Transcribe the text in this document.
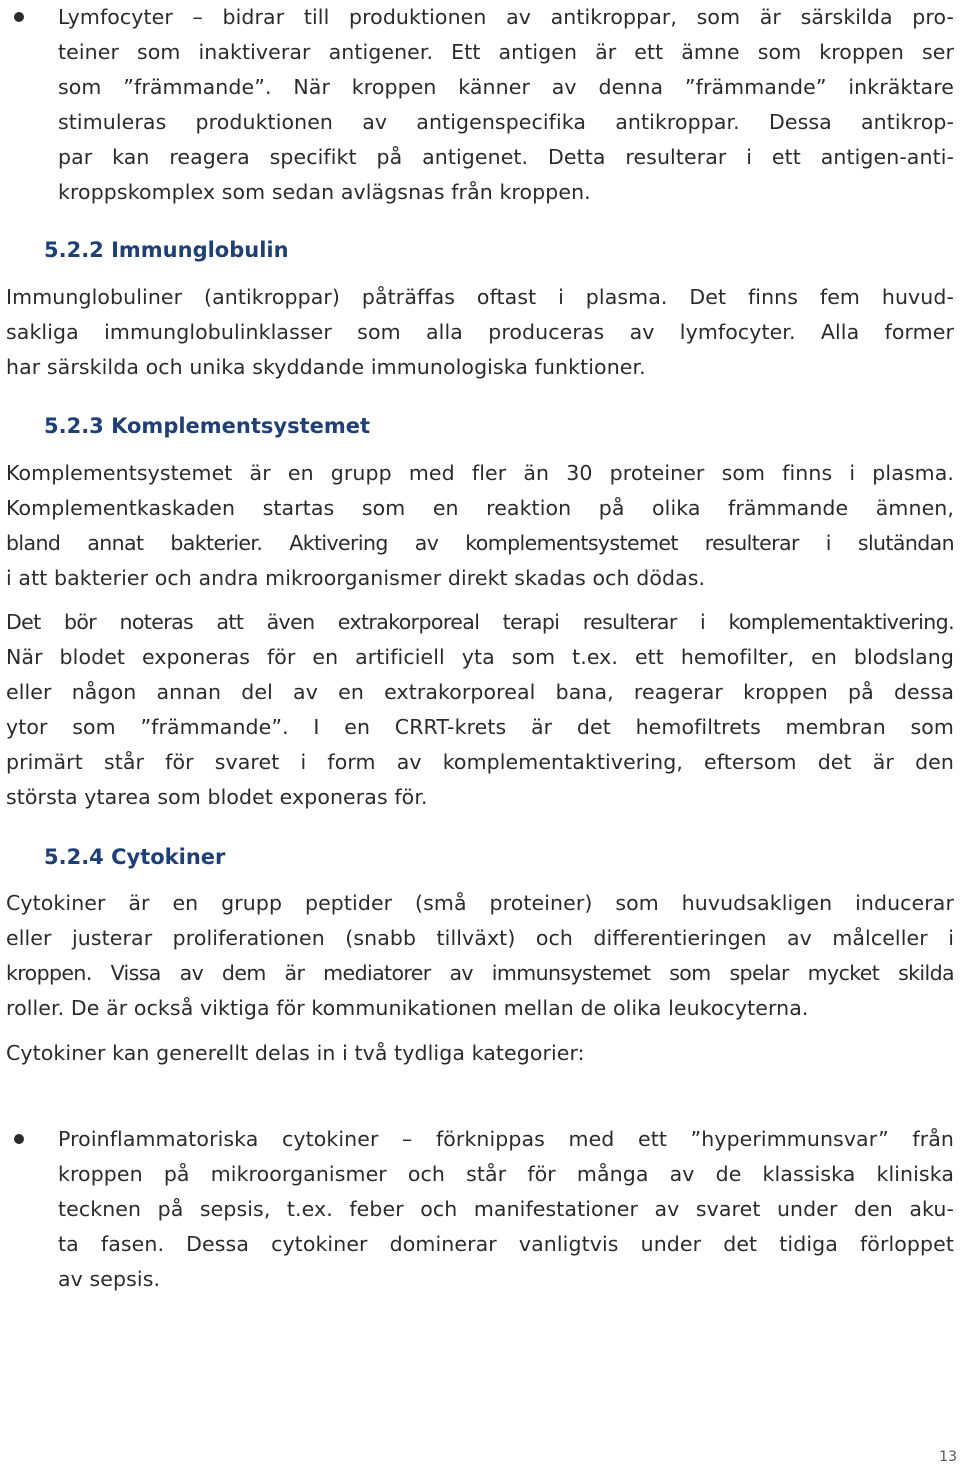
Lymfocyter – bidrar till produktionen av antikroppar, som är särskilda pro-
teiner som inaktiverar antigener. Ett antigen är ett ämne som kroppen ser
som ”främmande”. När kroppen känner av denna ”främmande” inkräktare
stimuleras produktionen av antigenspecifika antikroppar. Dessa antikrop-
par kan reagera specifikt på antigenet. Detta resulterar i ett antigen-anti-
kroppskomplex som sedan avlägsnas från kroppen.
5.2.2 Immunglobulin
Immunglobuliner (antikroppar) påträffas oftast i plasma. Det finns fem huvud-
sakliga immunglobulinklasser som alla produceras av lymfocyter. Alla former
har särskilda och unika skyddande immunologiska funktioner.
5.2.3 Komplementsystemet
Komplementsystemet är en grupp med fler än 30 proteiner som finns i plasma.
Komplementkaskaden startas som en reaktion på olika främmande ämnen,
bland annat bakterier. Aktivering av komplementsystemet resulterar i slutändan
i att bakterier och andra mikroorganismer direkt skadas och dödas.
Det bör noteras att även extrakorporeal terapi resulterar i komplementaktivering.
När blodet exponeras för en artificiell yta som t.ex. ett hemofilter, en blodslang
eller någon annan del av en extrakorporeal bana, reagerar kroppen på dessa
ytor som ”främmande”. I en CRRT-krets är det hemofiltrets membran som
primärt står för svaret i form av komplementaktivering, eftersom det är den
största ytarea som blodet exponeras för.
5.2.4 Cytokiner
Cytokiner är en grupp peptider (små proteiner) som huvudsakligen inducerar
eller justerar proliferationen (snabb tillväxt) och differentieringen av målceller i
kroppen. Vissa av dem är mediatorer av immunsystemet som spelar mycket skilda
roller. De är också viktiga för kommunikationen mellan de olika leukocyterna.
Cytokiner kan generellt delas in i två tydliga kategorier:
Proinflammatoriska cytokiner – förknippas med ett ”hyperimmunsvar” från
kroppen på mikroorganismer och står för många av de klassiska kliniska
tecknen på sepsis, t.ex. feber och manifestationer av svaret under den aku-
ta fasen. Dessa cytokiner dominerar vanligtvis under det tidiga förloppet
av sepsis.
13
